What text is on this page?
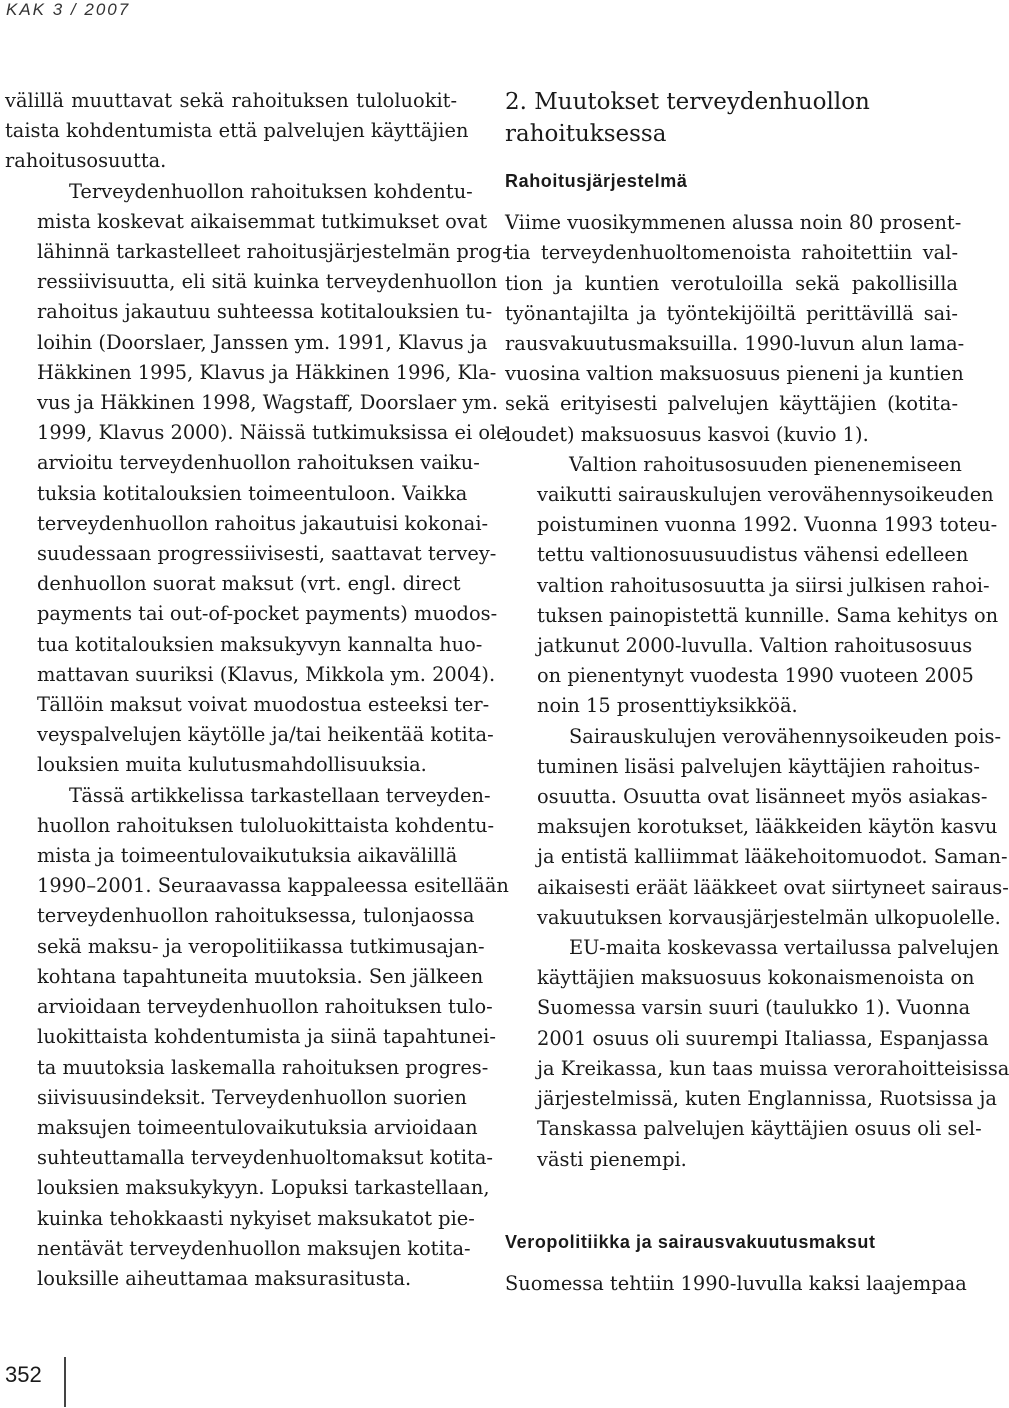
KAK 3 / 2007

välillä muuttavat sekä rahoituksen tuloluokit-
taista kohdentumista että palvelujen käyttäjien
rahoitusosuutta.

Terveydenhuollon rahoituksen kohdentu-
mista koskevat aikaisemmat tutkimukset ovat
lähinnä tarkastelleet rahoitusjärjestelmän prog-
ressiivisuutta, eli sitä kuinka terveydenhuollon
rahoitus jakautuu suhteessa kotitalouksien tu-
loihin (Doorslaer, Janssen ym. 1991, Klavus ja
Häkkinen 1995, Klavus ja Häkkinen 1996, Kla-
vus ja Häkkinen 1998, Wagstaff, Doorslaer ym.
1999, Klavus 2000). Näissä tutkimuksissa ei ole
arvioitu terveydenhuollon rahoituksen vaiku-
tuksia kotitalouksien toimeentuloon. Vaikka
terveydenhuollon rahoitus jakautuisi kokonai-
suudessaan progressiivisesti, saattavat tervey-
denhuollon suorat maksut (vrt. engl. direct
payments tai out-of-pocket payments) muodos-
tua kotitalouksien maksukyvyn kannalta huo-
mattavan suuriksi (Klavus, Mikkola ym. 2004).
Tällöin maksut voivat muodostua esteeksi ter-
veyspalvelujen käytölle ja/tai heikentää kotita-
louksien muita kulutusmahdollisuuksia.

Tässä artikkelissa tarkastellaan terveyden-
huollon rahoituksen tuloluokittaista kohdentu-
mista ja toimeentulovaikutuksia aikavälillä
1990–2001. Seuraavassa kappaleessa esitellään
terveydenhuollon rahoituksessa, tulonjaossa
sekä maksu- ja veropolitiikassa tutkimusajan-
kohtana tapahtuneita muutoksia. Sen jälkeen
arvioidaan terveydenhuollon rahoituksen tulo-
luokittaista kohdentumista ja siinä tapahtunei-
ta muutoksia laskemalla rahoituksen progres-
siivisuusindeksit. Terveydenhuollon suorien
maksujen toimeentulovaikutuksia arvioidaan
suhteuttamalla terveydenhuoltomaksut kotita-
louksien maksukykyyn. Lopuksi tarkastellaan,
kuinka tehokkaasti nykyiset maksukatot pie-
nentävät terveydenhuollon maksujen kotita-
louksille aiheuttamaa maksurasitusta.

2. Muutokset terveydenhuollon
rahoituksessa
Rahoitusjärjestelmä

Viime vuosikymmenen alussa noin 80 prosent-
tia terveydenhuoltomenoista rahoitettiin val-
tion ja kuntien verotuloilla sekä pakollisilla
työnantajilta ja työntekijöiltä perittävillä sai-
rausvakuutusmaksuilla. 1990-luvun alun lama-
vuosina valtion maksuosuus pieneni ja kuntien
sekä erityisesti palvelujen käyttäjien (kotita-
loudet) maksuosuus kasvoi (kuvio 1).

Valtion rahoitusosuuden pienenemiseen
vaikutti sairauskulujen verovähennysoikeuden
poistuminen vuonna 1992. Vuonna 1993 toteu-
tettu valtionosuusuudistus vähensi edelleen
valtion rahoitusosuutta ja siirsi julkisen rahoi-
tuksen painopistettä kunnille. Sama kehitys on
jatkunut 2000-luvulla. Valtion rahoitusosuus
on pienentynyt vuodesta 1990 vuoteen 2005
noin 15 prosenttiyksikköä.

Sairauskulujen verovähennysoikeuden pois-
tuminen lisäsi palvelujen käyttäjien rahoitus-
osuutta. Osuutta ovat lisänneet myös asiakas-
maksujen korotukset, lääkkeiden käytön kasvu
ja entistä kalliimmat lääkehoitomuodot. Saman-
aikaisesti eräät lääkkeet ovat siirtyneet sairaus-
vakuutuksen korvausjärjestelmän ulkopuolelle.

EU-maita koskevassa vertailussa palvelujen
käyttäjien maksuosuus kokonaismenoista on
Suomessa varsin suuri (taulukko 1). Vuonna
2001 osuus oli suurempi Italiassa, Espanjassa
ja Kreikassa, kun taas muissa verorahoitteisissa
järjestelmissä, kuten Englannissa, Ruotsissa ja
Tanskassa palvelujen käyttäjien osuus oli sel-
västi pienempi.

Veropolitiikka ja sairausvakuutusmaksut

Suomessa tehtiin 1990-luvulla kaksi laajempaa

352
